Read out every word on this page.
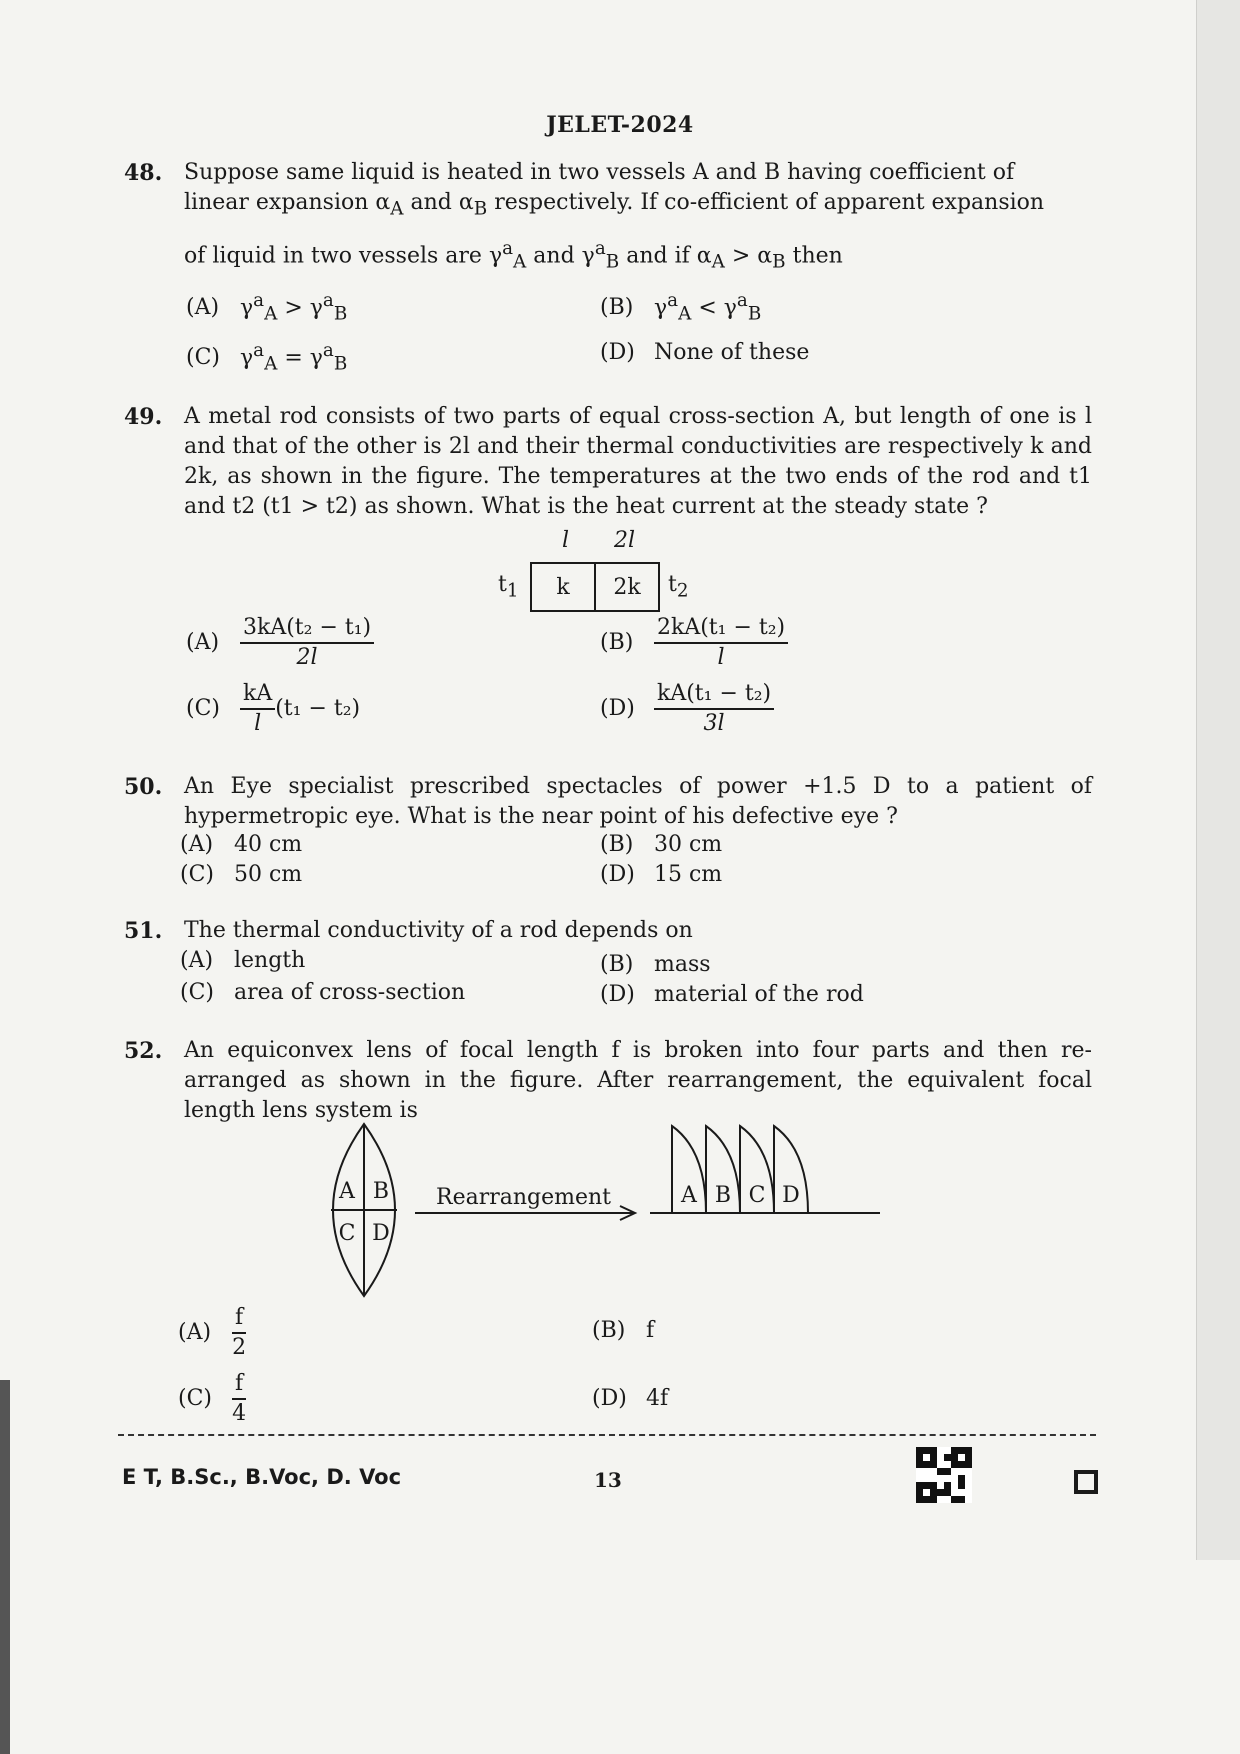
JELET-2024
48. Suppose same liquid is heated in two vessels A and B having coefficient of
linear expansion $\alpha_A$ and $\alpha_B$ respectively. If co-efficient of apparent expansion
of liquid in two vessels are $\gamma^a_A$ and $\gamma^a_B$ and if $\alpha_A > \alpha_B$ then
(A) $\gamma^a_A > \gamma^a_B$	(B) $\gamma^a_A < \gamma^a_B$
(C) $\gamma^a_A = \gamma^a_B$	(D) None of these
49. A metal rod consists of two parts of equal cross-section A, but length of one is l and that of the other is 2l and their thermal conductivities are respectively k and 2k, as shown in the figure. The temperatures at the two ends of the rod and t1 and t2 (t1 > t2) as shown. What is the heat current at the steady state ?
l 2l
$t_1$	k	2k	$t_2$
$(A) \frac{\text{3kA(t₂ − t₁)}}{2l}$	$(B) \frac{\text{2kA(t₁ − t₂)}}{l}$
$(C) \frac{kA}{l} (t_1 - t_2)$	$(D) \frac{\text{kA(t₁ − t₂)}}{3l}$
50. An Eye specialist prescribed spectacles of power +1.5 D to a patient of hypermetropic eye. What is the near point of his defective eye ?
(A) 40 cm	(B) 30 cm
(C) 50 cm	(D) 15 cm
51. The thermal conductivity of a rod depends on
(A) length	(B) mass
(C) area of cross-section	(D) material of the rod
52. An equiconvex lens of focal length f is broken into four parts and then re-arranged as shown in the figure. After rearrangement, the equivalent focal length lens system is
A B
C D
Rearrangement	A B C D
$(A) \frac{f}{2}$	(B) f
$(C) \frac{f}{4}$	(D) 4f
E T, B.Sc., B.Voc, D. Voc	13
